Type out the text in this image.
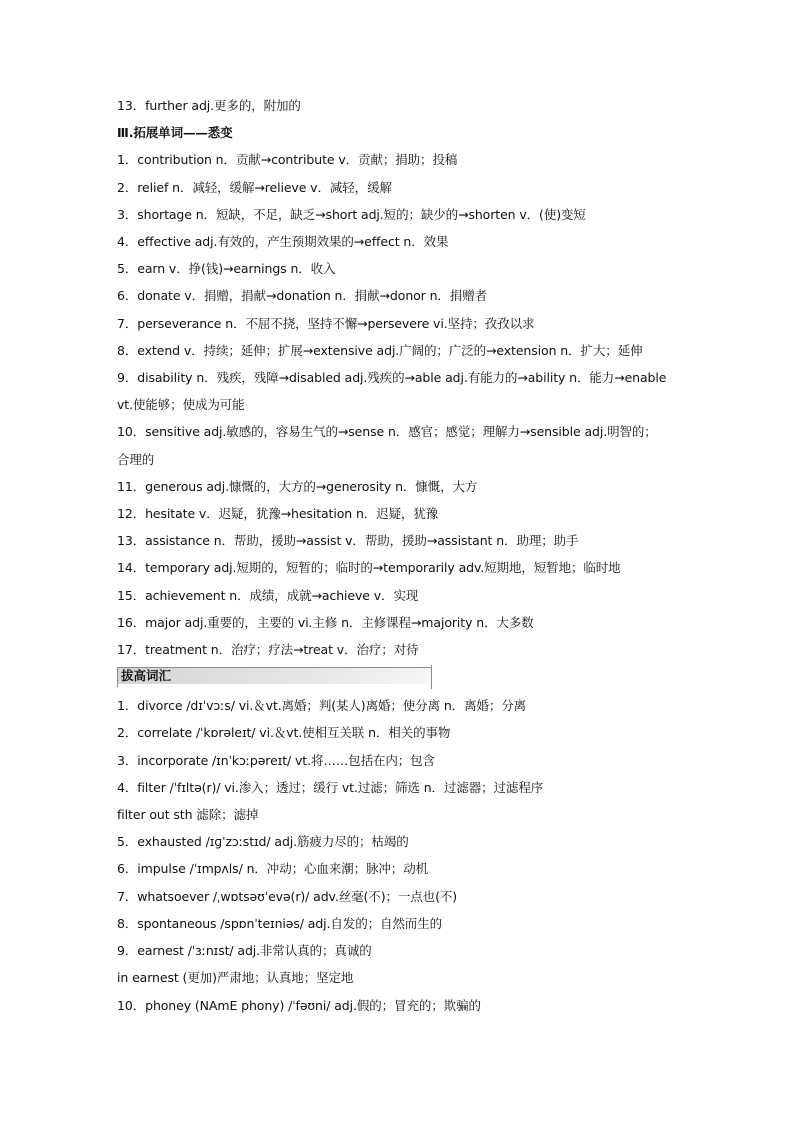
13．further adj.更多的，附加的
Ⅲ.拓展单词——悉变
1．contribution n．贡献→contribute v．贡献；捐助；投稿
2．relief n．减轻，缓解→relieve v．减轻，缓解
3．shortage n．短缺，不足，缺乏→short adj.短的；缺少的→shorten v．(使)变短
4．effective adj.有效的，产生预期效果的→effect n．效果
5．earn v．挣(钱)→earnings n．收入
6．donate v．捐赠，捐献→donation n．捐献→donor n．捐赠者
7．perseverance n．不屈不挠，坚持不懈→persevere vi.坚持；孜孜以求
8．extend v．持续；延伸；扩展→extensive adj.广阔的；广泛的→extension n．扩大；延伸
9．disability n．残疾，残障→disabled adj.残疾的→able adj.有能力的→ability n．能力→enable
vt.使能够；使成为可能
10．sensitive adj.敏感的，容易生气的→sense n．感官；感觉；理解力→sensible adj.明智的；
合理的
11．generous adj.慷慨的，大方的→generosity n．慷慨，大方
12．hesitate v．迟疑，犹豫→hesitation n．迟疑，犹豫
13．assistance n．帮助，援助→assist v．帮助，援助→assistant n．助理；助手
14．temporary adj.短期的，短暂的；临时的→temporarily adv.短期地，短暂地；临时地
15．achievement n．成绩，成就→achieve v．实现
16．major adj.重要的，主要的 vi.主修 n．主修课程→majority n．大多数
17．treatment n．治疗；疗法→treat v．治疗；对待
拔高词汇
1．divorce /dɪˈvɔːs/ vi.＆vt.离婚；判(某人)离婚；使分离 n．离婚；分离
2．correlate /ˈkɒrəleɪt/ vi.＆vt.使相互关联 n．相关的事物
3．incorporate /ɪnˈkɔːpəreɪt/ vt.将……包括在内；包含
4．filter /ˈfɪltə(r)/ vi.渗入；透过；缓行 vt.过滤；筛选 n．过滤器；过滤程序
filter out sth 滤除；滤掉
5．exhausted /ɪɡˈzɔːstɪd/ adj.筋疲力尽的；枯竭的
6．impulse /ˈɪmpʌls/ n．冲动；心血来潮；脉冲；动机
7．whatsoever /ˌwɒtsəʊˈevə(r)/ adv.丝毫(不)；一点也(不)
8．spontaneous /spɒnˈteɪniəs/ adj.自发的；自然而生的
9．earnest /ˈɜːnɪst/ adj.非常认真的；真诚的
in earnest (更加)严肃地；认真地；坚定地
10．phoney (NAmE phony) /ˈfəʊni/ adj.假的；冒充的；欺骗的
